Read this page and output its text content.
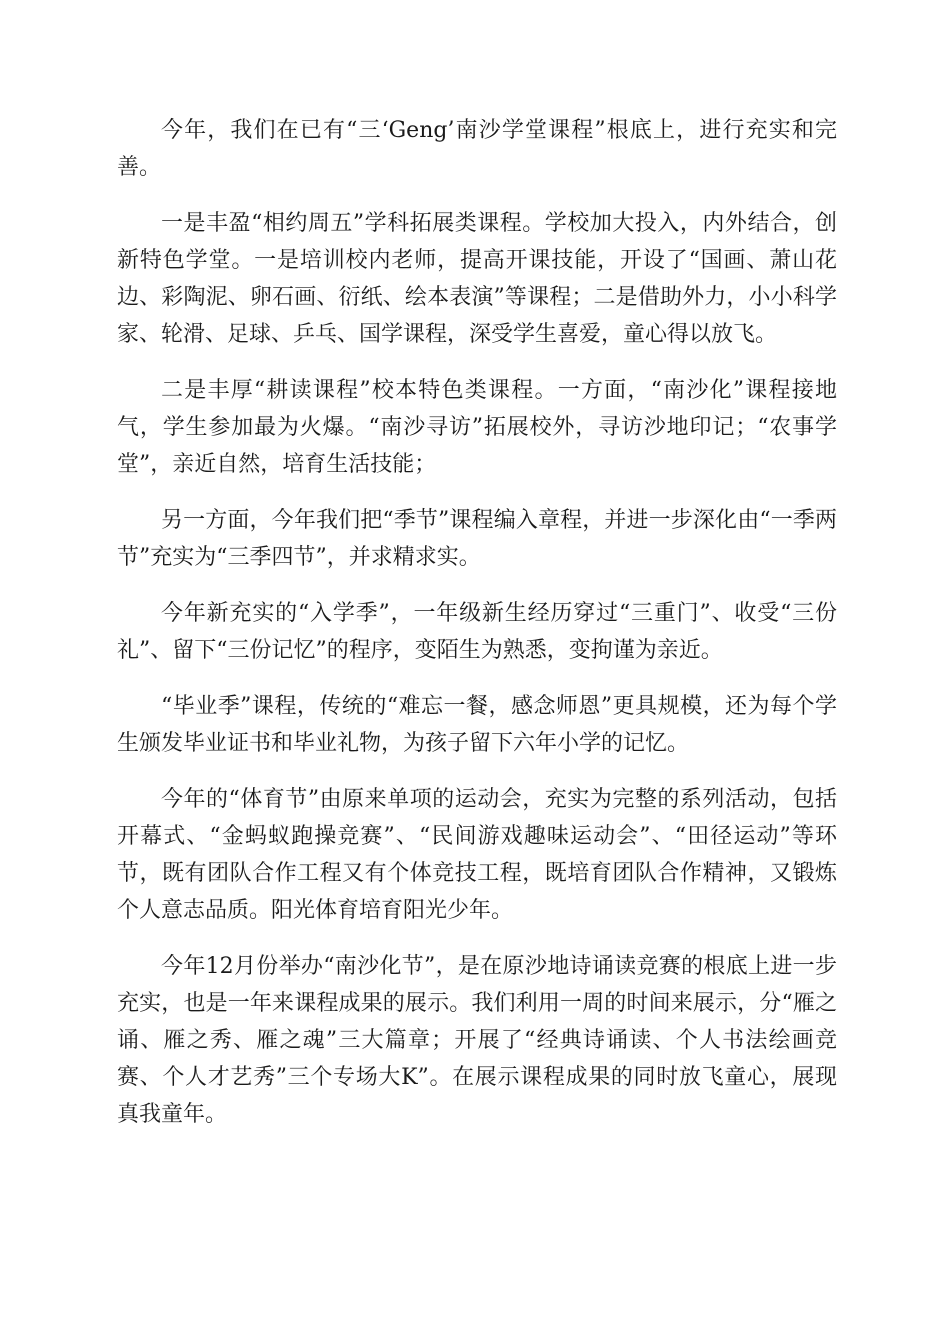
今年，我们在已有“三‘Geng’南沙学堂课程”根底上，进行充实和完善。

一是丰盈“相约周五”学科拓展类课程。学校加大投入，内外结合，创新特色学堂。一是培训校内老师，提高开课技能，开设了“国画、萧山花边、彩陶泥、卵石画、衍纸、绘本表演”等课程；二是借助外力，小小科学家、轮滑、足球、乒乓、国学课程，深受学生喜爱，童心得以放飞。

二是丰厚“耕读课程”校本特色类课程。一方面，“南沙化”课程接地气，学生参加最为火爆。“南沙寻访”拓展校外，寻访沙地印记；“农事学堂”，亲近自然，培育生活技能；

另一方面，今年我们把“季节”课程编入章程，并进一步深化由“一季两节”充实为“三季四节”，并求精求实。

今年新充实的“入学季”，一年级新生经历穿过“三重门”、收受“三份礼”、留下“三份记忆”的程序，变陌生为熟悉，变拘谨为亲近。

“毕业季”课程，传统的“难忘一餐，感念师恩”更具规模，还为每个学生颁发毕业证书和毕业礼物，为孩子留下六年小学的记忆。

今年的“体育节”由原来单项的运动会，充实为完整的系列活动，包括开幕式、“金蚂蚁跑操竞赛”、“民间游戏趣味运动会”、“田径运动”等环节，既有团队合作工程又有个体竞技工程，既培育团队合作精神，又锻炼个人意志品质。阳光体育培育阳光少年。

今年12月份举办“南沙化节”，是在原沙地诗诵读竞赛的根底上进一步充实，也是一年来课程成果的展示。我们利用一周的时间来展示，分“雁之诵、雁之秀、雁之魂”三大篇章；开展了“经典诗诵读、个人书法绘画竞赛、个人才艺秀”三个专场大K”。在展示课程成果的同时放飞童心，展现真我童年。
